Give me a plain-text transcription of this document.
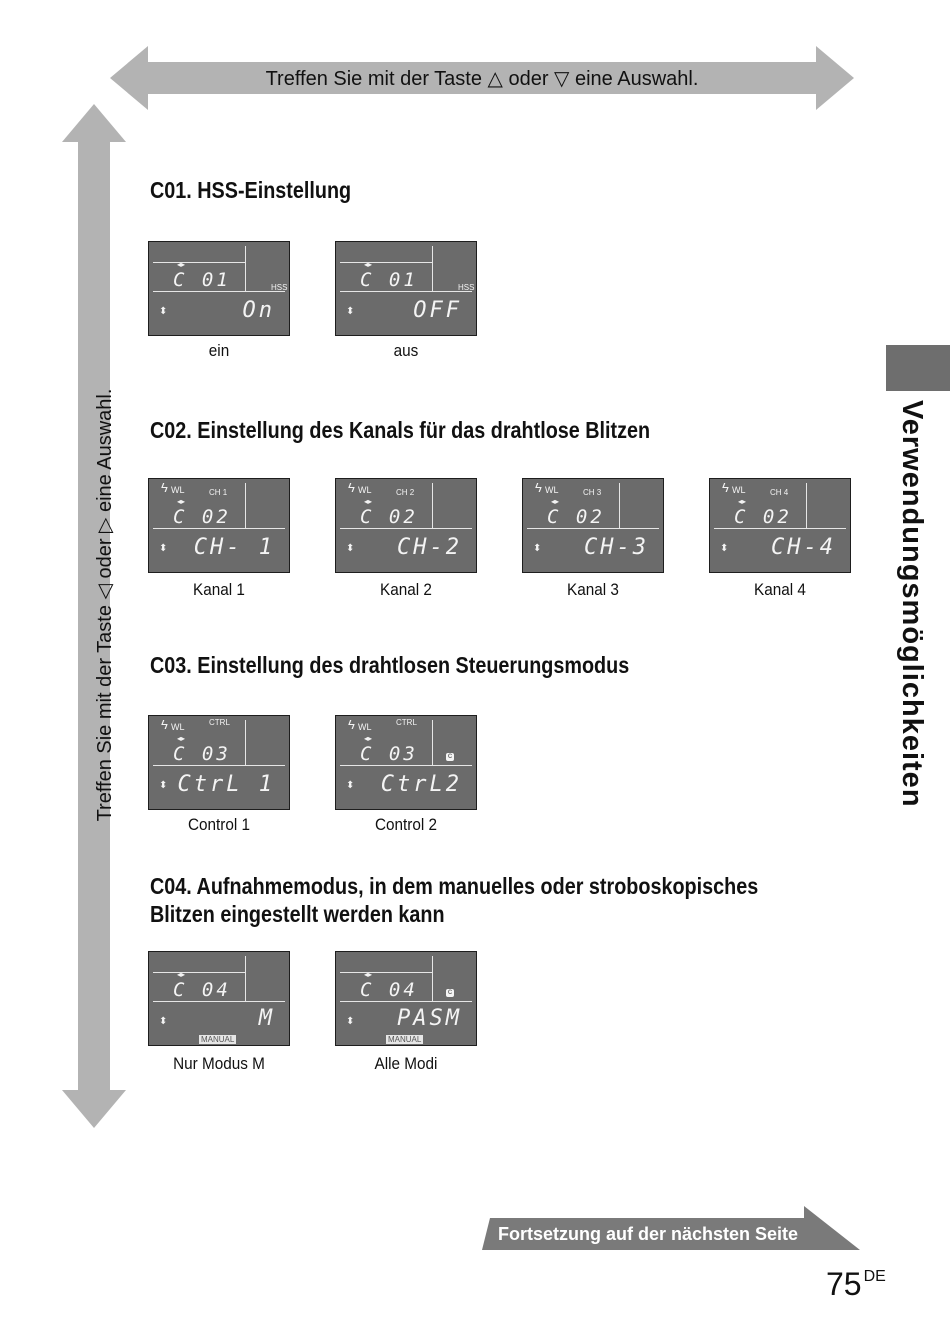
Treffen Sie mit der Taste △ oder ▽ eine Auswahl.
Treffen Sie mit der Taste ◁ oder ▷ eine Auswahl.	Verwendungsmöglichkeiten
C01. HSS-Einstellung
◂▸
C 01	HSS
⬍	On
ein
◂▸
C 01	HSS
⬍	OFF
aus
C02. Einstellung des Kanals für das drahtlose Blitzen
ϟ WL	CH 1
◂▸
C 02
⬍ CH- 1
Kanal 1
ϟ WL	CH 2
◂▸
C 02
⬍ CH-2
Kanal 2
ϟ WL	CH 3
◂▸
C 02
⬍ CH-3
Kanal 3
ϟ WL	CH 4
◂▸
C 02
⬍ CH-4
Kanal 4
C03. Einstellung des drahtlosen Steuerungsmodus
ϟ WL	CTRL
◂▸
C 03
⬍ CtrL 1
Control 1
ϟ WL	CTRL
◂▸
C 03	C
⬍ CtrL2
Control 2
C04. Aufnahmemodus, in dem manuelles oder stroboskopisches
Blitzen eingestellt werden kann
◂▸
C 04
⬍	M
MANUAL
Nur Modus M
◂▸
C 04	C
⬍ PASM
MANUAL
Alle Modi
Fortsetzung auf der nächsten Seite
75 $^{DE}$
